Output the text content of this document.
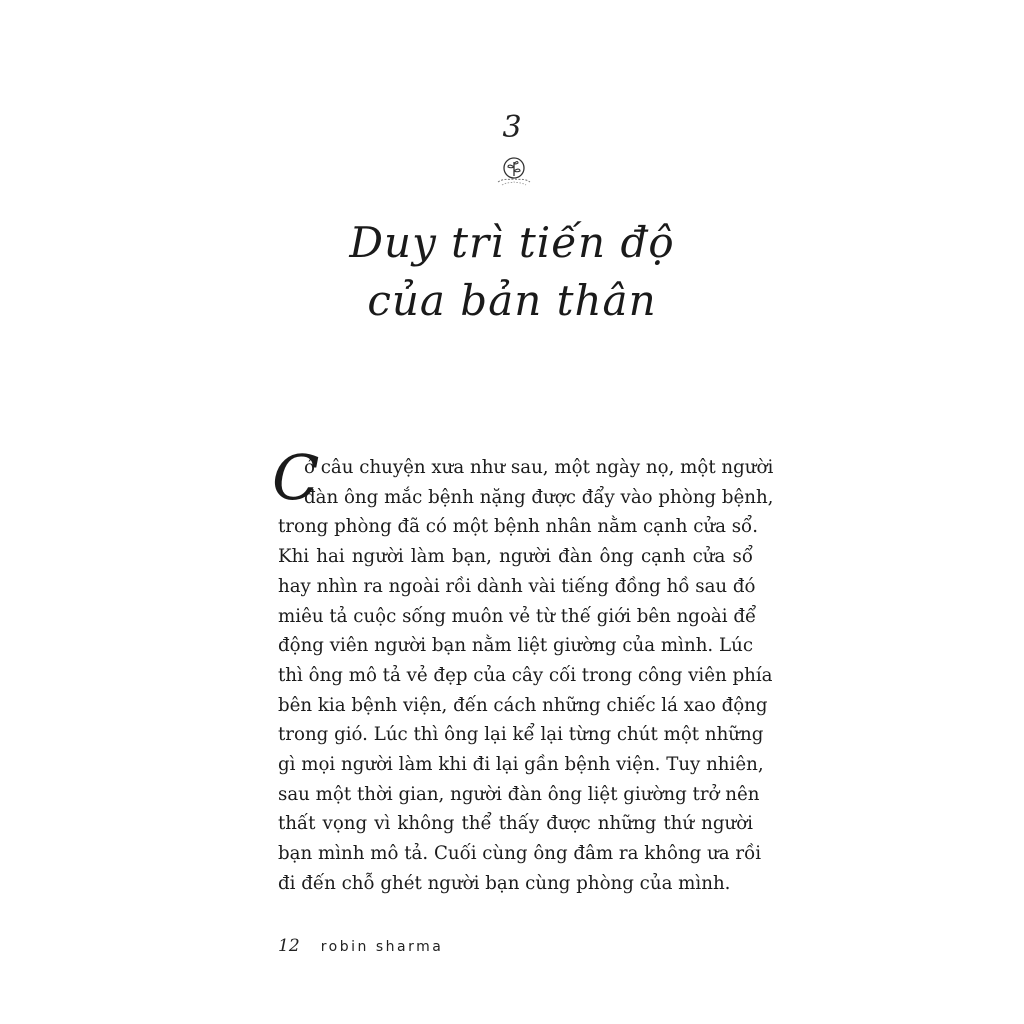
3
Duy trì tiến độ
của bản thân
C
ó câu chuyện xưa như sau, một ngày nọ, một người
đàn ông mắc bệnh nặng được đẩy vào phòng bệnh,
trong phòng đã có một bệnh nhân nằm cạnh cửa sổ.
Khi hai người làm bạn, người đàn ông cạnh cửa sổ
hay nhìn ra ngoài rồi dành vài tiếng đồng hồ sau đó
miêu tả cuộc sống muôn vẻ từ thế giới bên ngoài để
động viên người bạn nằm liệt giường của mình. Lúc
thì ông mô tả vẻ đẹp của cây cối trong công viên phía
bên kia bệnh viện, đến cách những chiếc lá xao động
trong gió. Lúc thì ông lại kể lại từng chút một những
gì mọi người làm khi đi lại gần bệnh viện. Tuy nhiên,
sau một thời gian, người đàn ông liệt giường trở nên
thất vọng vì không thể thấy được những thứ người
bạn mình mô tả. Cuối cùng ông đâm ra không ưa rồi
đi đến chỗ ghét người bạn cùng phòng của mình.
12 robin sharma
